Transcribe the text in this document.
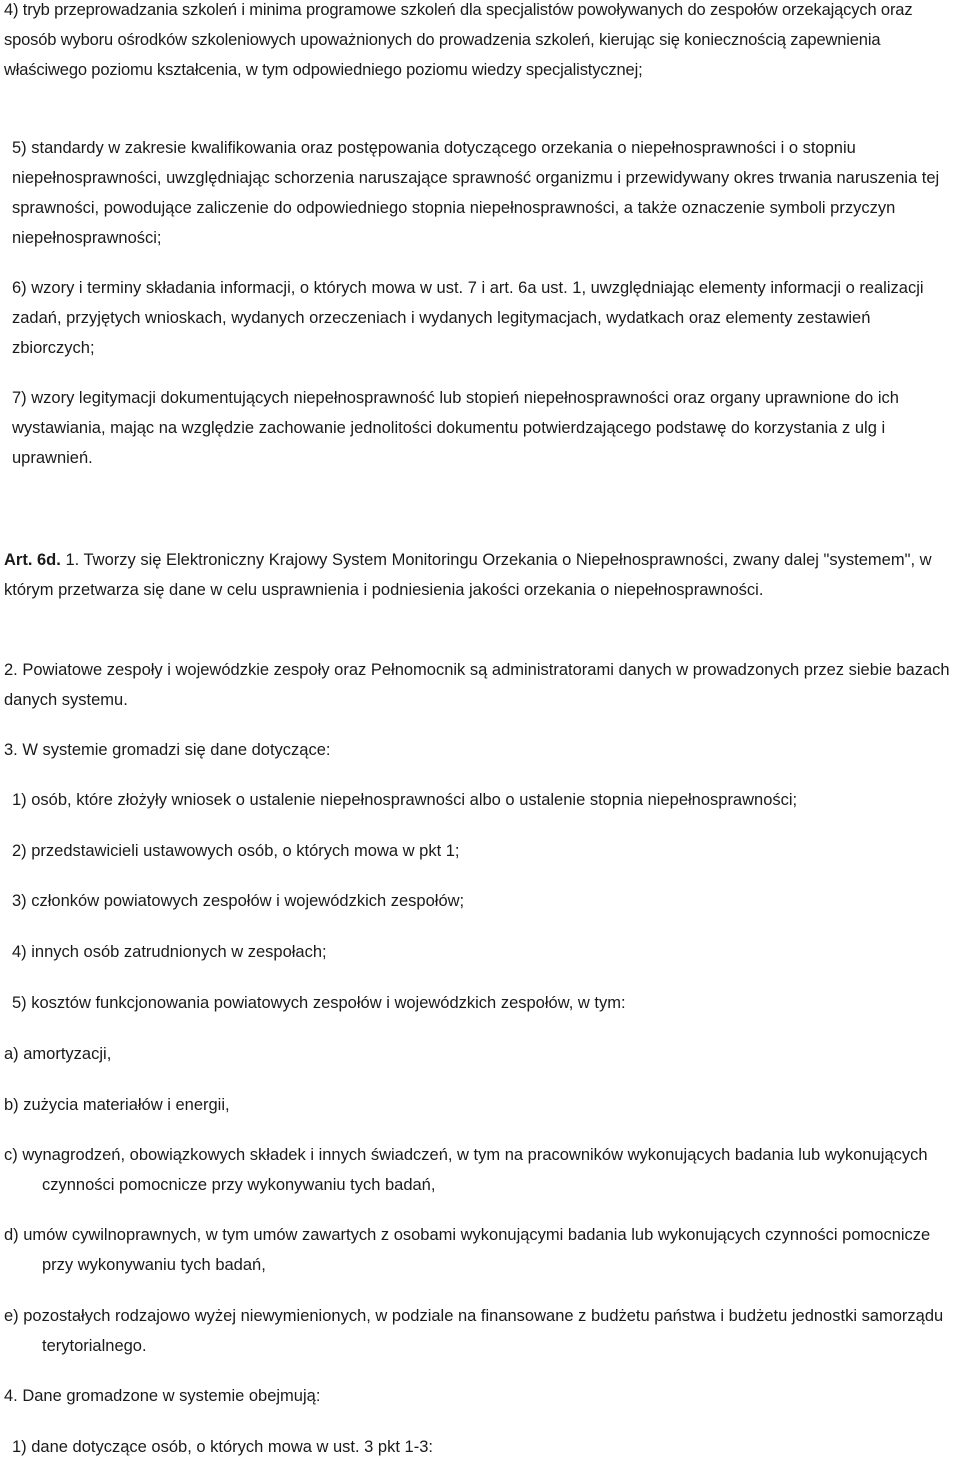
4) tryb przeprowadzania szkoleń i minima programowe szkoleń dla specjalistów powoływanych do zespołów orzekających oraz sposób wyboru ośrodków szkoleniowych upoważnionych do prowadzenia szkoleń, kierując się koniecznością zapewnienia właściwego poziomu kształcenia, w tym odpowiedniego poziomu wiedzy specjalistycznej;

5) standardy w zakresie kwalifikowania oraz postępowania dotyczącego orzekania o niepełnosprawności i o stopniu niepełnosprawności, uwzględniając schorzenia naruszające sprawność organizmu i przewidywany okres trwania naruszenia tej sprawności, powodujące zaliczenie do odpowiedniego stopnia niepełnosprawności, a także oznaczenie symboli przyczyn niepełnosprawności;

6) wzory i terminy składania informacji, o których mowa w ust. 7 i art. 6a ust. 1, uwzględniając elementy informacji o realizacji zadań, przyjętych wnioskach, wydanych orzeczeniach i wydanych legitymacjach, wydatkach oraz elementy zestawień zbiorczych;

7) wzory legitymacji dokumentujących niepełnosprawność lub stopień niepełnosprawności oraz organy uprawnione do ich wystawiania, mając na względzie zachowanie jednolitości dokumentu potwierdzającego podstawę do korzystania z ulg i uprawnień.

Art. 6d. 1. Tworzy się Elektroniczny Krajowy System Monitoringu Orzekania o Niepełnosprawności, zwany dalej "systemem", w którym przetwarza się dane w celu usprawnienia i podniesienia jakości orzekania o niepełnosprawności.

2. Powiatowe zespoły i wojewódzkie zespoły oraz Pełnomocnik są administratorami danych w prowadzonych przez siebie bazach danych systemu.

3. W systemie gromadzi się dane dotyczące:

1) osób, które złożyły wniosek o ustalenie niepełnosprawności albo o ustalenie stopnia niepełnosprawności;

2) przedstawicieli ustawowych osób, o których mowa w pkt 1;

3) członków powiatowych zespołów i wojewódzkich zespołów;

4) innych osób zatrudnionych w zespołach;

5) kosztów funkcjonowania powiatowych zespołów i wojewódzkich zespołów, w tym:

a) amortyzacji,

b) zużycia materiałów i energii,

c) wynagrodzeń, obowiązkowych składek i innych świadczeń, w tym na pracowników wykonujących badania lub wykonujących czynności pomocnicze przy wykonywaniu tych badań,

d) umów cywilnoprawnych, w tym umów zawartych z osobami wykonującymi badania lub wykonujących czynności pomocnicze przy wykonywaniu tych badań,

e) pozostałych rodzajowo wyżej niewymienionych, w podziale na finansowane z budżetu państwa i budżetu jednostki samorządu terytorialnego.

4. Dane gromadzone w systemie obejmują:

1) dane dotyczące osób, o których mowa w ust. 3 pkt 1-3:
